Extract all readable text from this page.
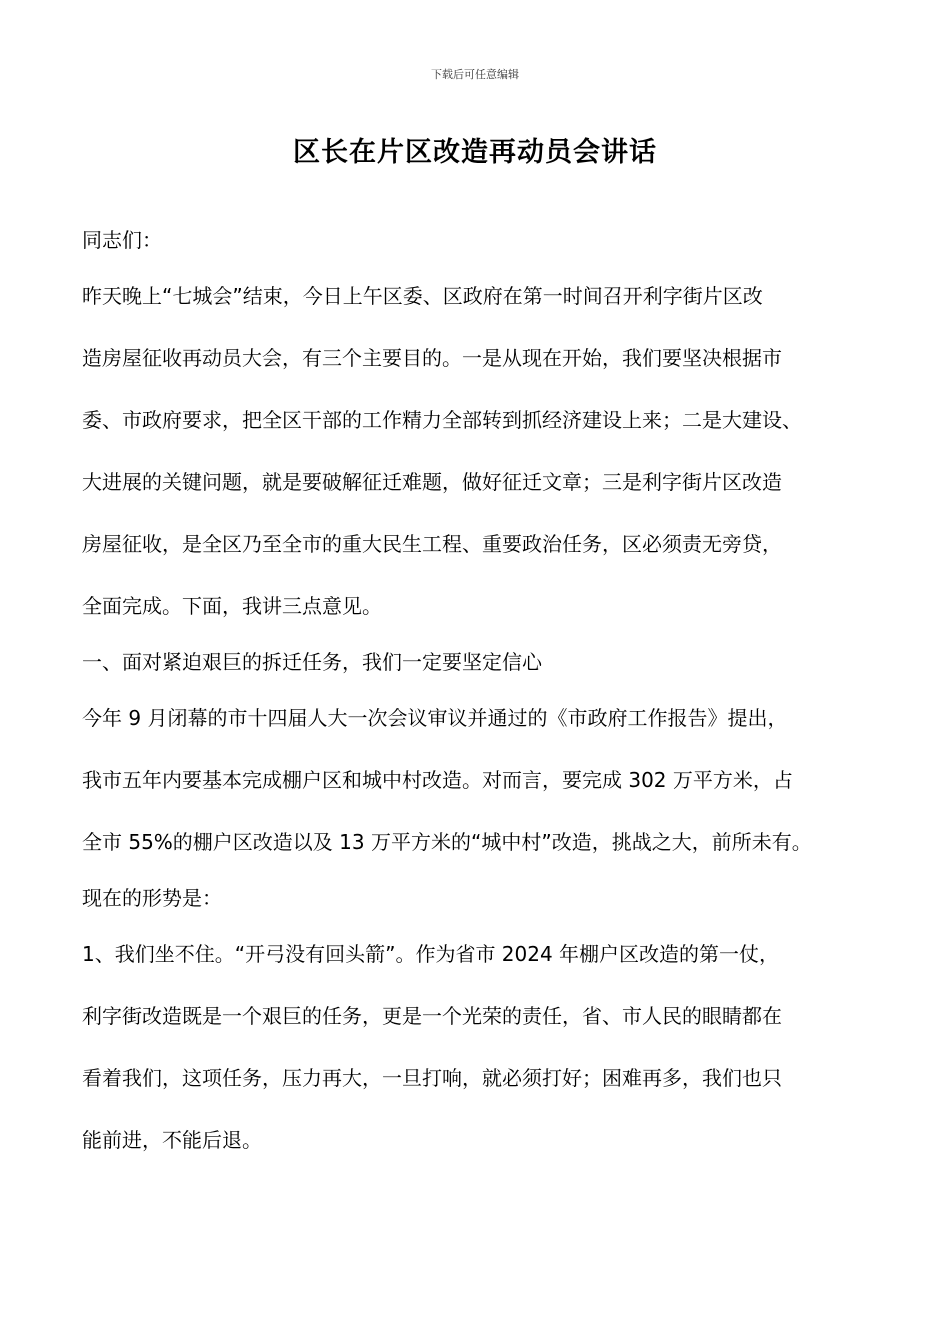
下载后可任意编辑
区长在片区改造再动员会讲话
同志们：
昨天晚上“七城会”结束，今日上午区委、区政府在第一时间召开利字街片区改
造房屋征收再动员大会，有三个主要目的。一是从现在开始，我们要坚决根据市
委、市政府要求，把全区干部的工作精力全部转到抓经济建设上来；二是大建设、
大进展的关键问题，就是要破解征迁难题，做好征迁文章；三是利字街片区改造
房屋征收，是全区乃至全市的重大民生工程、重要政治任务，区必须责无旁贷，
全面完成。下面，我讲三点意见。
一、面对紧迫艰巨的拆迁任务，我们一定要坚定信心
今年 9 月闭幕的市十四届人大一次会议审议并通过的《市政府工作报告》提出，
我市五年内要基本完成棚户区和城中村改造。对而言，要完成 302 万平方米，占
全市 55%的棚户区改造以及 13 万平方米的“城中村”改造，挑战之大，前所未有。
现在的形势是：
1、我们坐不住。“开弓没有回头箭”。作为省市 2024 年棚户区改造的第一仗，
利字街改造既是一个艰巨的任务，更是一个光荣的责任，省、市人民的眼睛都在
看着我们，这项任务，压力再大，一旦打响，就必须打好；困难再多，我们也只
能前进，不能后退。
